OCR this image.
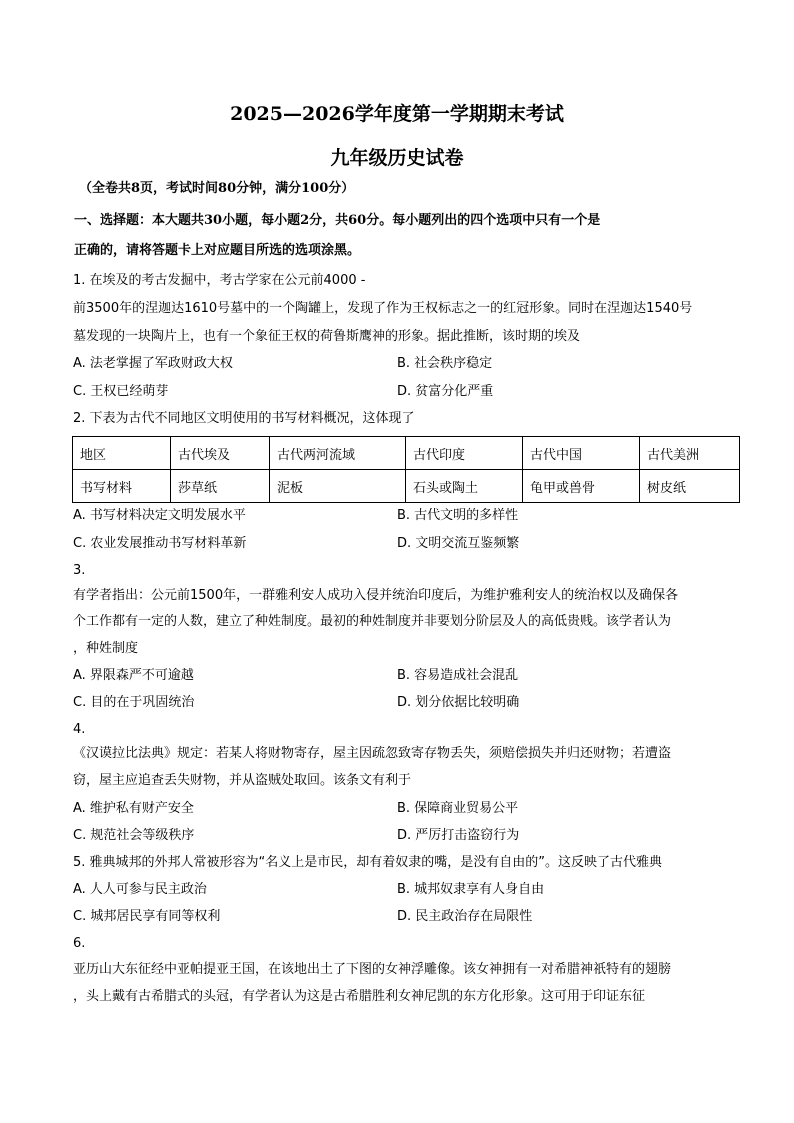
2025—2026学年度第一学期期末考试
九年级历史试卷
（全卷共8页，考试时间80分钟，满分100分）
一、选择题：本大题共30小题，每小题2分，共60分。每小题列出的四个选项中只有一个是
正确的，请将答题卡上对应题目所选的选项涂黑。
1. 在埃及的考古发掘中，考古学家在公元前4000 -
前3500年的涅迦达1610号墓中的一个陶罐上，发现了作为王权标志之一的红冠形象。同时在涅迦达1540号
墓发现的一块陶片上，也有一个象征王权的荷鲁斯鹰神的形象。据此推断，该时期的埃及
A. 法老掌握了军政财政大权	B. 社会秩序稳定
C. 王权已经萌芽	D. 贫富分化严重
2. 下表为古代不同地区文明使用的书写材料概况，这体现了
地区	古代埃及	古代两河流域	古代印度	古代中国	古代美洲
书写材料	莎草纸	泥板	石头或陶土	龟甲或兽骨	树皮纸
A. 书写材料决定文明发展水平	B. 古代文明的多样性
C. 农业发展推动书写材料革新	D. 文明交流互鉴频繁
3.
有学者指出：公元前1500年，一群雅利安人成功入侵并统治印度后，为维护雅利安人的统治权以及确保各
个工作都有一定的人数，建立了种姓制度。最初的种姓制度并非要划分阶层及人的高低贵贱。该学者认为
，种姓制度
A. 界限森严不可逾越	B. 容易造成社会混乱
C. 目的在于巩固统治	D. 划分依据比较明确
4.
《汉谟拉比法典》规定：若某人将财物寄存，屋主因疏忽致寄存物丢失，须赔偿损失并归还财物；若遭盗
窃，屋主应追查丢失财物，并从盗贼处取回。该条文有利于
A. 维护私有财产安全	B. 保障商业贸易公平
C. 规范社会等级秩序	D. 严厉打击盗窃行为
5. 雅典城邦的外邦人常被形容为“名义上是市民，却有着奴隶的嘴，是没有自由的”。这反映了古代雅典
A. 人人可参与民主政治	B. 城邦奴隶享有人身自由
C. 城邦居民享有同等权利	D. 民主政治存在局限性
6.
亚历山大东征经中亚帕提亚王国，在该地出土了下图的女神浮雕像。该女神拥有一对希腊神祇特有的翅膀
，头上戴有古希腊式的头冠，有学者认为这是古希腊胜利女神尼凯的东方化形象。这可用于印证东征
